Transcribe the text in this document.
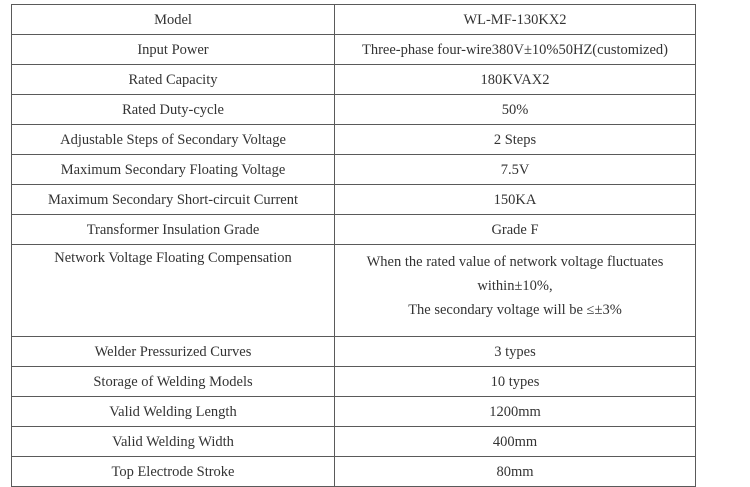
Model	WL-MF-130KX2
Input Power	Three-phase four-wire380V±10%50HZ(customized)
Rated Capacity	180KVAX2
Rated Duty-cycle	50%
Adjustable Steps of Secondary Voltage	2 Steps
Maximum Secondary Floating Voltage	7.5V
Maximum Secondary Short-circuit Current	150KA
Transformer Insulation Grade	Grade F
Network Voltage Floating Compensation	When the rated value of network voltage fluctuates
within±10%,
The secondary voltage will be ≤±3%

Welder Pressurized Curves	3 types
Storage of Welding Models	10 types
Valid Welding Length	1200mm
Valid Welding Width	400mm
Top Electrode Stroke	80mm
